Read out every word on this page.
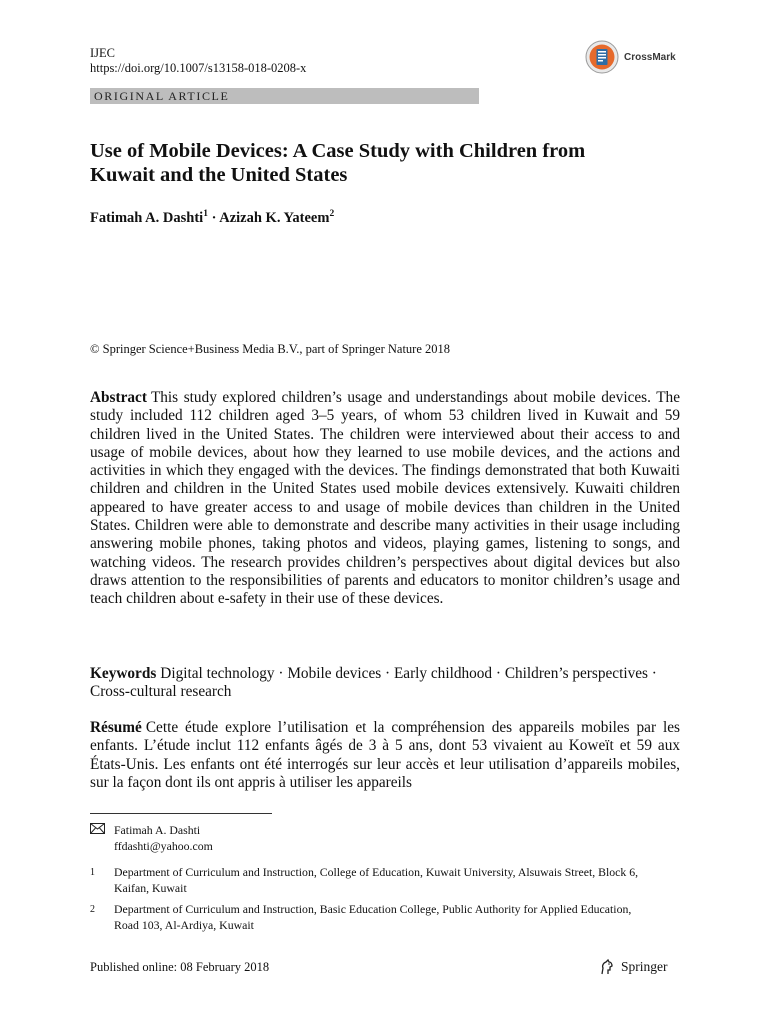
IJEC
https://doi.org/10.1007/s13158-018-0208-x
CrossMark
ORIGINAL ARTICLE
Use of Mobile Devices: A Case Study with Children from Kuwait and the United States
Fatimah A. Dashti$^1$ · Azizah K. Yateem$^2$
© Springer Science+Business Media B.V., part of Springer Nature 2018

Abstract This study explored children’s usage and understandings about mobile devices. The study included 112 children aged 3–5 years, of whom 53 children lived in Kuwait and 59 children lived in the United States. The children were interviewed about their access to and usage of mobile devices, about how they learned to use mobile devices, and the actions and activities in which they engaged with the devices. The findings demonstrated that both Kuwaiti children and children in the United States used mobile devices extensively. Kuwaiti children appeared to have greater access to and usage of mobile devices than children in the United States. Children were able to demonstrate and describe many activities in their usage including answering mobile phones, taking photos and videos, playing games, listening to songs, and watching videos. The research provides children’s perspectives about digital devices but also draws attention to the responsibilities of parents and educators to monitor children’s usage and teach children about e-safety in their use of these devices.

Keywords Digital technology · Mobile devices · Early childhood · Children’s perspectives · Cross-cultural research

Résumé Cette étude explore l’utilisation et la compréhension des appareils mobiles par les enfants. L’étude inclut 112 enfants âgés de 3 à 5 ans, dont 53 vivaient au Koweït et 59 aux États-Unis. Les enfants ont été interrogés sur leur accès et leur utilisation d’appareils mobiles, sur la façon dont ils ont appris à utiliser les appareils

Fatimah A. Dashti
ffdashti@yahoo.com
1 Department of Curriculum and Instruction, College of Education, Kuwait University, Alsuwais Street, Block 6, Kaifan, Kuwait
2 Department of Curriculum and Instruction, Basic Education College, Public Authority for Applied Education, Road 103, Al-Ardiya, Kuwait
Published online: 08 February 2018	Springer
